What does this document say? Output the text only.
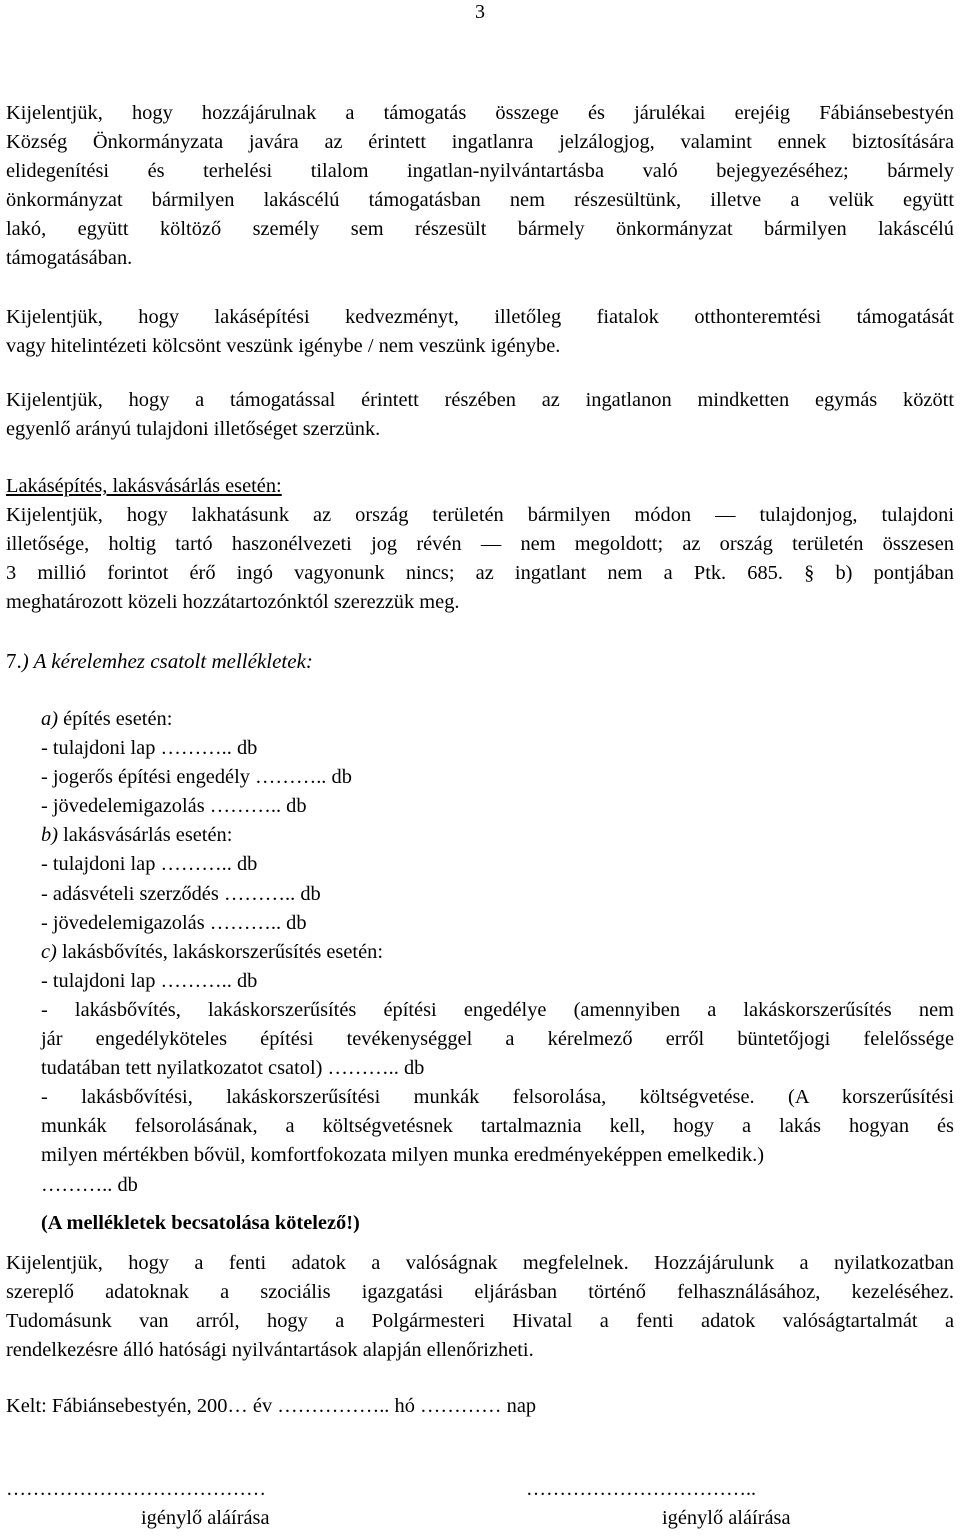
3

Kijelentjük, hogy hozzájárulnak a támogatás összege és járulékai erejéig Fábiánsebestyén

Község Önkormányzata javára az érintett ingatlanra jelzálogjog, valamint ennek biztosítására

elidegenítési és terhelési tilalom ingatlan-nyilvántartásba való bejegyezéséhez; bármely

önkormányzat bármilyen lakáscélú támogatásban nem részesültünk, illetve a velük együtt

lakó, együtt költöző személy sem részesült bármely önkormányzat bármilyen lakáscélú

támogatásában.

Kijelentjük, hogy lakásépítési kedvezményt, illetőleg fiatalok otthonteremtési támogatását

vagy hitelintézeti kölcsönt veszünk igénybe / nem veszünk igénybe.

Kijelentjük, hogy a támogatással érintett részében az ingatlanon mindketten egymás között

egyenlő arányú tulajdoni illetőséget szerzünk.

Lakásépítés, lakásvásárlás esetén:

Kijelentjük, hogy lakhatásunk az ország területén bármilyen módon — tulajdonjog, tulajdoni

illetősége, holtig tartó haszonélvezeti jog révén — nem megoldott; az ország területén összesen

3 millió forintot érő ingó vagyonunk nincs; az ingatlant nem a Ptk. 685. § b) pontjában

meghatározott közeli hozzátartozónktól szerezzük meg.

7.) A kérelemhez csatolt mellékletek:
a) építés esetén:
- tulajdoni lap ……….. db
- jogerős építési engedély ……….. db
- jövedelemigazolás ……….. db
b) lakásvásárlás esetén:
- tulajdoni lap ……….. db
- adásvételi szerződés ……….. db
- jövedelemigazolás ……….. db
c) lakásbővítés, lakáskorszerűsítés esetén:
- tulajdoni lap ……….. db
- lakásbővítés, lakáskorszerűsítés építési engedélye (amennyiben a lakáskorszerűsítés nem
jár engedélyköteles építési tevékenységgel a kérelmező erről büntetőjogi felelőssége
tudatában tett nyilatkozatot csatol) ……….. db
- lakásbővítési, lakáskorszerűsítési munkák felsorolása, költségvetése. (A korszerűsítési
munkák felsorolásának, a költségvetésnek tartalmaznia kell, hogy a lakás hogyan és
milyen mértékben bővül, komfortfokozata milyen munka eredményeképpen emelkedik.)
……….. db
(A mellékletek becsatolása kötelező!)

Kijelentjük, hogy a fenti adatok a valóságnak megfelelnek. Hozzájárulunk a nyilatkozatban

szereplő adatoknak a szociális igazgatási eljárásban történő felhasználásához, kezeléséhez.

Tudomásunk van arról, hogy a Polgármesteri Hivatal a fenti adatok valóságtartalmát a

rendelkezésre álló hatósági nyilvántartások alapján ellenőrizheti.

Kelt: Fábiánsebestyén, 200… év …………….. hó ………… nap
…………………………………	……………………………..
igénylő aláírása	igénylő aláírása
